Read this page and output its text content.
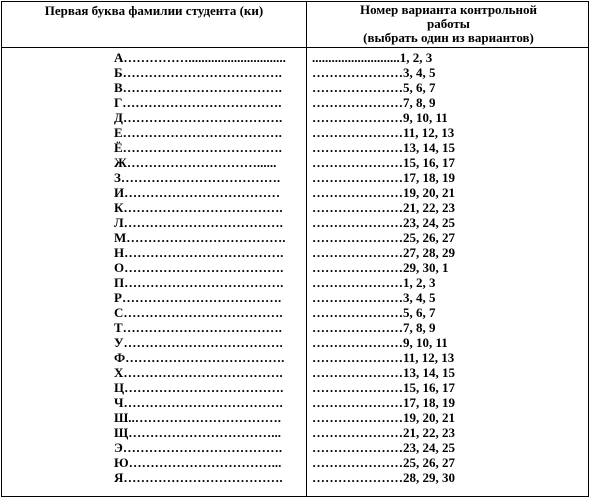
Первая буква фамилии студента (ки)	Номер варианта контрольной
работы
(выбрать один из вариантов)
А……………..............................	...........................1, 2, 3
Б……………………………….	…………………3, 4, 5
В……………………………….	…………………5, 6, 7
Г……………………………….	…………………7, 8, 9
Д……………………………….	…………………9, 10, 11
Е……………………………….	…………………11, 12, 13
Ё……………………………….	…………………13, 14, 15
Ж…………………………......	…………………15, 16, 17
З……………………………….	…………………17, 18, 19
И………………………………	…………………19, 20, 21
К……………………………….	…………………21, 22, 23
Л……………………………….	…………………23, 24, 25
М……………………………….	…………………25, 26, 27
Н……………………………….	…………………27, 28, 29
О……………………………….	…………………29, 30, 1
П……………………………….	…………………1, 2, 3
Р……………………………….	…………………3, 4, 5
С……………………………….	…………………5, 6, 7
Т……………………………….	…………………7, 8, 9
У……………………………….	…………………9, 10, 11
Ф……………………………….	…………………11, 12, 13
Х……………………………….	…………………13, 14, 15
Ц……………………………….	…………………15, 16, 17
Ч……………………………….	…………………17, 18, 19
Ш..…………………………….	…………………19, 20, 21
Щ……………………………...	…………………21, 22, 23
Э……………………………….	…………………23, 24, 25
Ю……………………………...	…………………25, 26, 27
Я……………………………….	…………………28, 29, 30
